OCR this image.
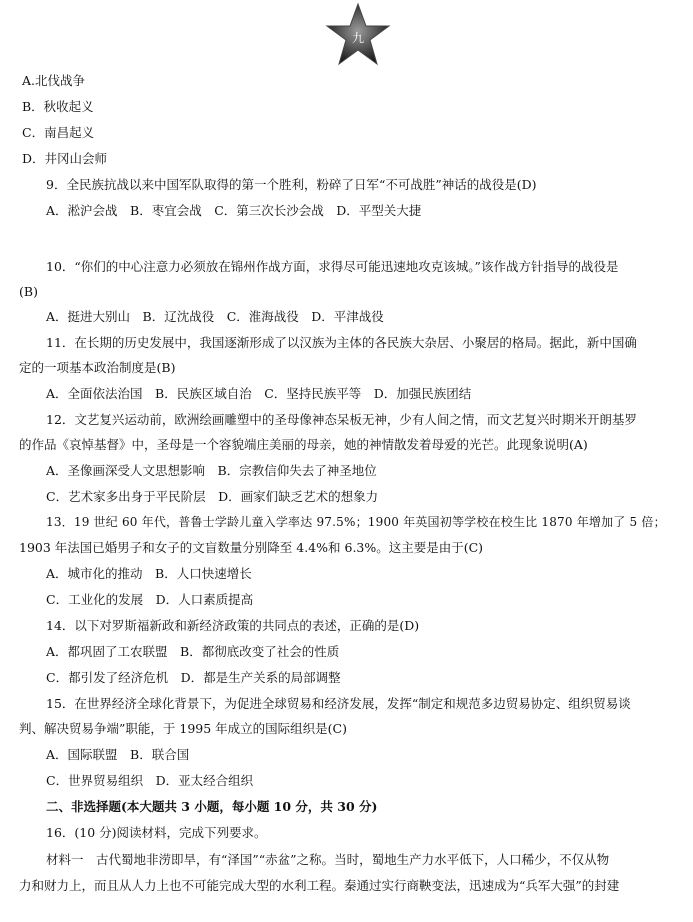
九
A.北伐战争
B．秋收起义
C．南昌起义
D．井冈山会师
9．全民族抗战以来中国军队取得的第一个胜利，粉碎了日军“不可战胜”神话的战役是(D)
A．淞沪会战　B．枣宜会战　C．第三次长沙会战　D．平型关大捷
10．“你们的中心注意力必须放在锦州作战方面，求得尽可能迅速地攻克该城。”该作战方针指导的战役是
(B)
A．挺进大别山　B．辽沈战役　C．淮海战役　D．平津战役
11．在长期的历史发展中，我国逐渐形成了以汉族为主体的各民族大杂居、小聚居的格局。据此，新中国确
定的一项基本政治制度是(B)
A．全面依法治国　B．民族区域自治　C．坚持民族平等　D．加强民族团结
12．文艺复兴运动前，欧洲绘画雕塑中的圣母像神态呆板无神，少有人间之情，而文艺复兴时期米开朗基罗
的作品《哀悼基督》中，圣母是一个容貌端庄美丽的母亲，她的神情散发着母爱的光芒。此现象说明(A)
A．圣像画深受人文思想影响　B．宗教信仰失去了神圣地位
C．艺术家多出身于平民阶层　D．画家们缺乏艺术的想象力
13．19 世纪 60 年代，普鲁士学龄儿童入学率达 97.5%；1900 年英国初等学校在校生比 1870 年增加了 5 倍；
1903 年法国已婚男子和女子的文盲数量分别降至 4.4%和 6.3%。这主要是由于(C)
A．城市化的推动　B．人口快速增长
C．工业化的发展　D．人口素质提高
14．以下对罗斯福新政和新经济政策的共同点的表述，正确的是(D)
A．都巩固了工农联盟　B．都彻底改变了社会的性质
C．都引发了经济危机　D．都是生产关系的局部调整
15．在世界经济全球化背景下，为促进全球贸易和经济发展，发挥“制定和规范多边贸易协定、组织贸易谈
判、解决贸易争端”职能，于 1995 年成立的国际组织是(C)
A．国际联盟　B．联合国
C．世界贸易组织　D．亚太经合组织
二、非选择题(本大题共 3 小题，每小题 10 分，共 30 分)
16．(10 分)阅读材料，完成下列要求。
材料一　古代蜀地非涝即旱，有“泽国”“赤盆”之称。当时，蜀地生产力水平低下，人口稀少，不仅从物
力和财力上，而且从人力上也不可能完成大型的水利工程。秦通过实行商鞅变法，迅速成为“兵军大强”的封建
